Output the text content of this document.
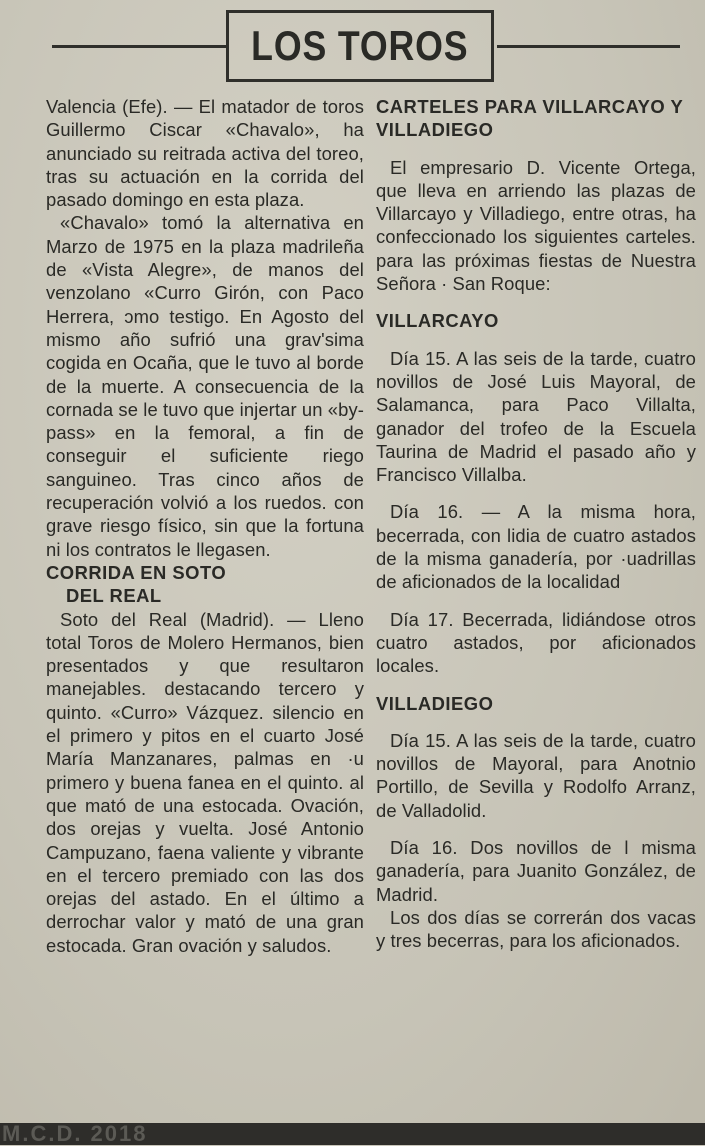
LOS TOROS

Valencia (Efe). — El matador de toros Guillermo Ciscar «Chavalo», ha anunciado su reitrada activa del toreo, tras su actuación en la corrida del pasado domingo en esta plaza.

«Chavalo» tomó la alternativa en Marzo de 1975 en la plaza madrileña de «Vista Alegre», de manos del venzolano «Curro Girón, con Paco Herrera, ɔmo testigo. En Agosto del mismo año sufrió una grav'sima cogida en Ocaña, que le tuvo al borde de la muerte. A consecuencia de la cornada se le tuvo que injertar un «by-pass» en la femoral, a fin de conseguir el suficiente riego sanguineo. Tras cinco años de recuperación volvió a los ruedos. con grave riesgo físico, sin que la fortuna ni los contratos le llegasen.

CORRIDA EN SOTO

DEL REAL

Soto del Real (Madrid). — Lleno total Toros de Molero Hermanos, bien presentados y que resultaron manejables. destacando tercero y quinto. «Curro» Vázquez. silencio en el primero y pitos en el cuarto José María Manzanares, palmas en ·u primero y buena fanea en el quinto. al que mató de una estocada. Ovación, dos orejas y vuelta. José Antonio Campuzano, faena valiente y vibrante en el tercero premiado con las dos orejas del astado. En el último a derrochar valor y mató de una gran estocada. Gran ovación y saludos.

CARTELES PARA VILLARCAYO Y VILLADIEGO

El empresario D. Vicente Ortega, que lleva en arriendo las plazas de Villarcayo y Villadiego, entre otras, ha confeccionado los siguientes carteles. para las próximas fiestas de Nuestra Señora · San Roque:

VILLARCAYO

Día 15. A las seis de la tarde, cuatro novillos de José Luis Mayoral, de Salamanca, para Paco Villalta, ganador del trofeo de la Escuela Taurina de Madrid el pasado año y Francisco Villalba.

Día 16. — A la misma hora, becerrada, con lidia de cuatro astados de la misma ganadería, por ·uadrillas de aficionados de la localidad

Día 17. Becerrada, lidiándose otros cuatro astados, por aficionados locales.

VILLADIEGO

Día 15. A las seis de la tarde, cuatro novillos de Mayoral, para Anotnio Portillo, de Sevilla y Rodolfo Arranz, de Valladolid.

Día 16. Dos novillos de l misma ganadería, para Juanito González, de Madrid.

Los dos días se correrán dos vacas y tres becerras, para los aficionados.

M.C.D. 2018
